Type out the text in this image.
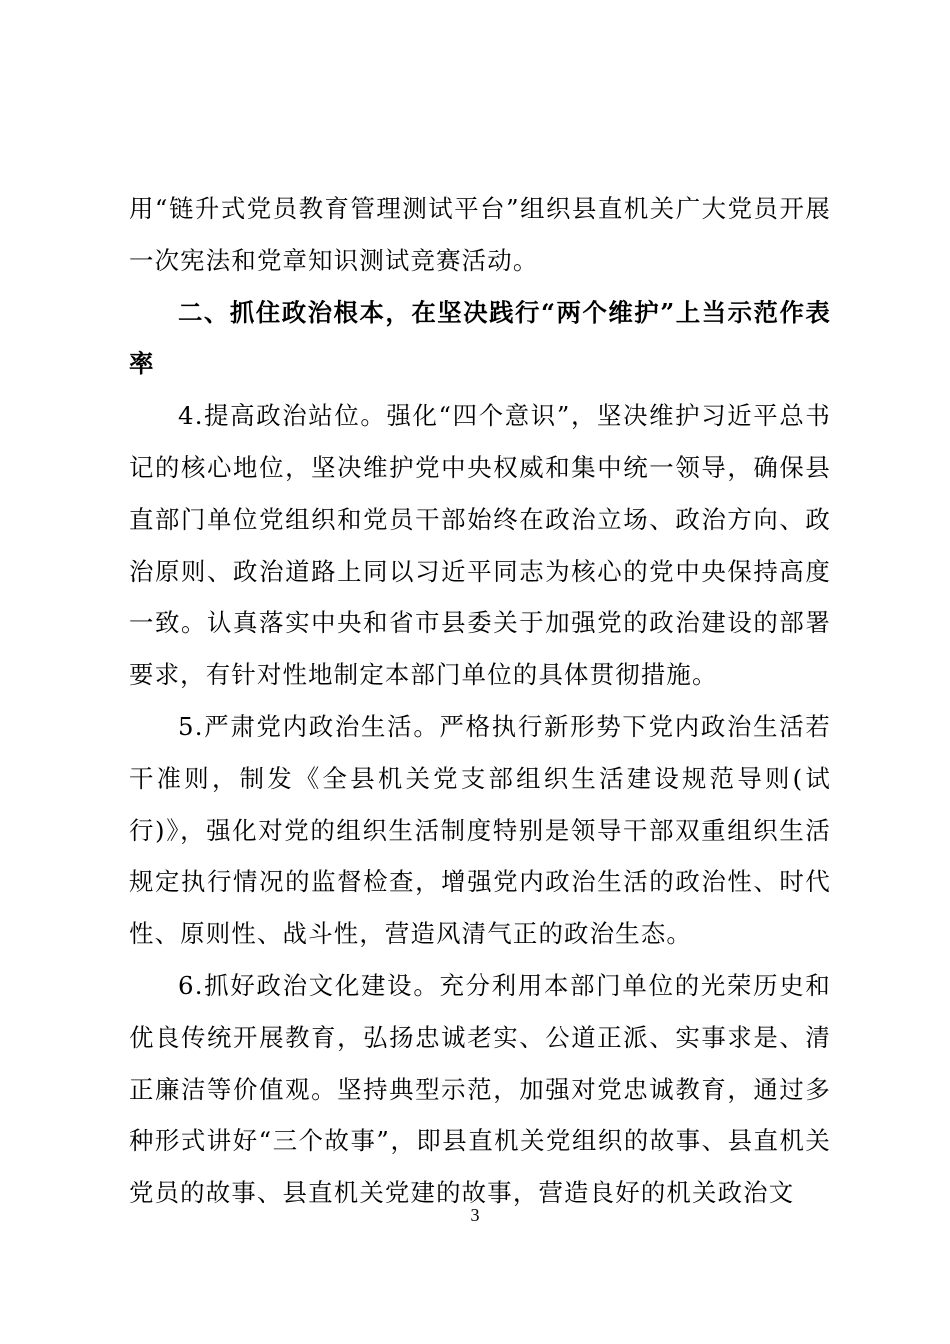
用“链升式党员教育管理测试平台”组织县直机关广大党员开展一次宪法和党章知识测试竞赛活动。

二、抓住政治根本，在坚决践行“两个维护”上当示范作表率

4.提高政治站位。强化“四个意识”，坚决维护习近平总书记的核心地位，坚决维护党中央权威和集中统一领导，确保县直部门单位党组织和党员干部始终在政治立场、政治方向、政治原则、政治道路上同以习近平同志为核心的党中央保持高度一致。认真落实中央和省市县委关于加强党的政治建设的部署要求，有针对性地制定本部门单位的具体贯彻措施。

5.严肃党内政治生活。严格执行新形势下党内政治生活若干准则，制发《全县机关党支部组织生活建设规范导则(试行)》，强化对党的组织生活制度特别是领导干部双重组织生活规定执行情况的监督检查，增强党内政治生活的政治性、时代性、原则性、战斗性，营造风清气正的政治生态。

6.抓好政治文化建设。充分利用本部门单位的光荣历史和优良传统开展教育，弘扬忠诚老实、公道正派、实事求是、清正廉洁等价值观。坚持典型示范，加强对党忠诚教育，通过多种形式讲好“三个故事”，即县直机关党组织的故事、县直机关党员的故事、县直机关党建的故事，营造良好的机关政治文

3
